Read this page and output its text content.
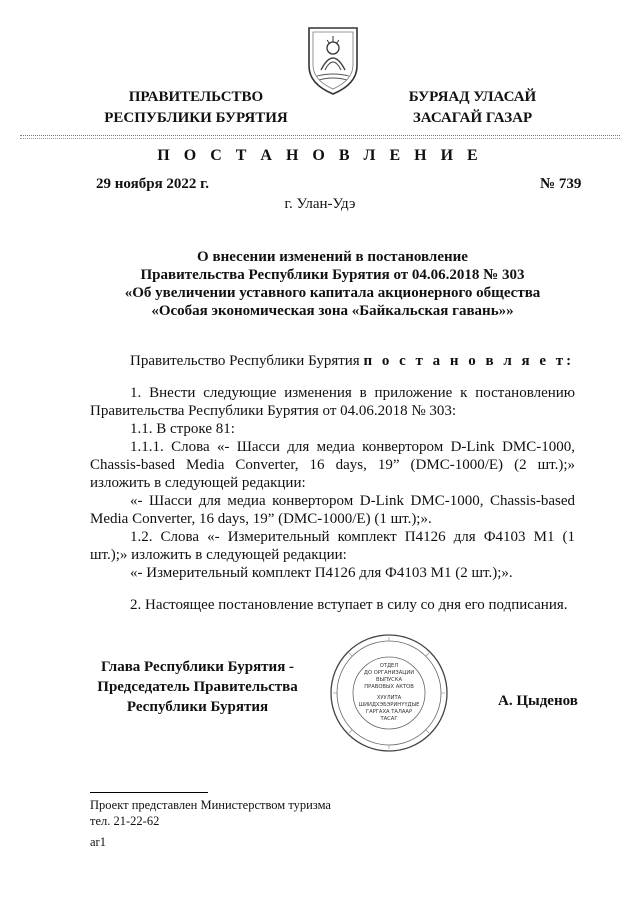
ПРАВИТЕЛЬСТВО
РЕСПУБЛИКИ БУРЯТИЯ
БУРЯАД УЛАСАЙ
ЗАСАГАЙ ГАЗАР
П О С Т А Н О В Л Е Н И Е
29 ноября 2022 г.	№ 739
г. Улан-Удэ
О внесении изменений в постановление
Правительства Республики Бурятия от 04.06.2018 № 303
«Об увеличении уставного капитала акционерного общества
«Особая экономическая зона «Байкальская гавань»»

Правительство Республики Бурятия п о с т а н о в л я е т:

1. Внести следующие изменения в приложение к постановлению Правительства Республики Бурятия от 04.06.2018 № 303:

1.1. В строке 81:

1.1.1. Слова «- Шасси для медиа конвертором D-Link DMC-1000, Chassis-based Media Converter, 16 days, 19” (DMC-1000/E) (2 шт.);» изложить в следующей редакции:

«- Шасси для медиа конвертором D-Link DMC-1000, Chassis-based Media Converter, 16 days, 19” (DMC-1000/E) (1 шт.);».

1.2. Слова «- Измерительный комплект П4126 для Ф4103 М1 (1 шт.);» изложить в следующей редакции:

«- Измерительный комплект П4126 для Ф4103 М1 (2 шт.);».

2. Настоящее постановление вступает в силу со дня его подписания.

Глава Республики Бурятия -
Председатель Правительства
Республики Бурятия
ОТДЕЛ
ДО ОРГАНИЗАЦИИ
ВЫПУСКА
ПРАВОВЫХ АКТОВ
ХУУЛИТА
ШИИДХЭБЭРИНҮҮДЫЕ
ГАРГАХА ТАЛААР
ТАСАГ
А. Цыденов
Проект представлен Министерством туризма
тел. 21-22-62
ar1
